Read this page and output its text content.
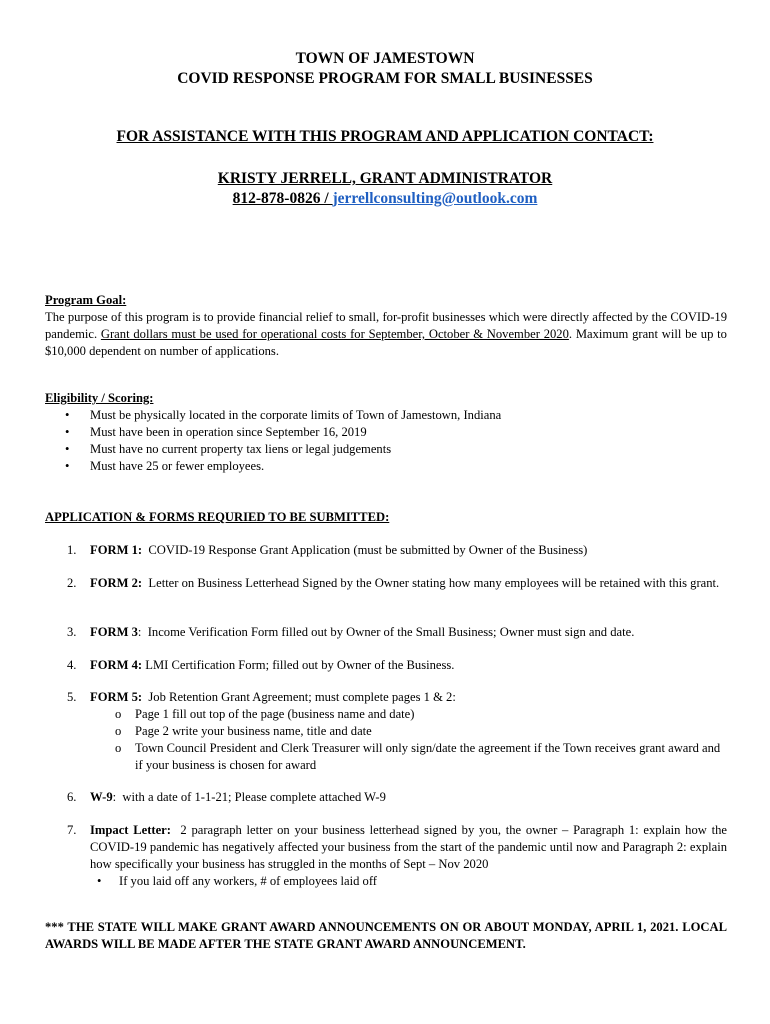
TOWN OF JAMESTOWN
COVID RESPONSE PROGRAM FOR SMALL BUSINESSES
FOR ASSISTANCE WITH THIS PROGRAM AND APPLICATION CONTACT:
KRISTY JERRELL, GRANT ADMINISTRATOR
812-878-0826 / jerrellconsulting@outlook.com
Program Goal:
The purpose of this program is to provide financial relief to small, for-profit businesses which were directly affected by the COVID-19 pandemic. Grant dollars must be used for operational costs for September, October & November 2020. Maximum grant will be up to $10,000 dependent on number of applications.
Eligibility / Scoring:
• Must be physically located in the corporate limits of Town of Jamestown, Indiana
• Must have been in operation since September 16, 2019
• Must have no current property tax liens or legal judgements
• Must have 25 or fewer employees.
APPLICATION & FORMS REQURIED TO BE SUBMITTED:
1. FORM 1:  COVID-19 Response Grant Application (must be submitted by Owner of the Business)
2. FORM 2:  Letter on Business Letterhead Signed by the Owner stating how many employees will be retained with this grant.
3. FORM 3:  Income Verification Form filled out by Owner of the Small Business; Owner must sign and date.
4. FORM 4: LMI Certification Form; filled out by Owner of the Business.
5. FORM 5:  Job Retention Grant Agreement; must complete pages 1 & 2:
o Page 1 fill out top of the page (business name and date)
o Page 2 write your business name, title and date
o Town Council President and Clerk Treasurer will only sign/date the agreement if the Town receives grant award and if your business is chosen for award
6. W-9:  with a date of 1-1-21; Please complete attached W-9
7. Impact Letter:  2 paragraph letter on your business letterhead signed by you, the owner – Paragraph 1: explain how the COVID-19 pandemic has negatively affected your business from the start of the pandemic until now and Paragraph 2: explain how specifically your business has struggled in the months of Sept – Nov 2020
• If you laid off any workers, # of employees laid off
*** THE STATE WILL MAKE GRANT AWARD ANNOUNCEMENTS ON OR ABOUT MONDAY, APRIL 1, 2021. LOCAL AWARDS WILL BE MADE AFTER THE STATE GRANT AWARD ANNOUNCEMENT.
